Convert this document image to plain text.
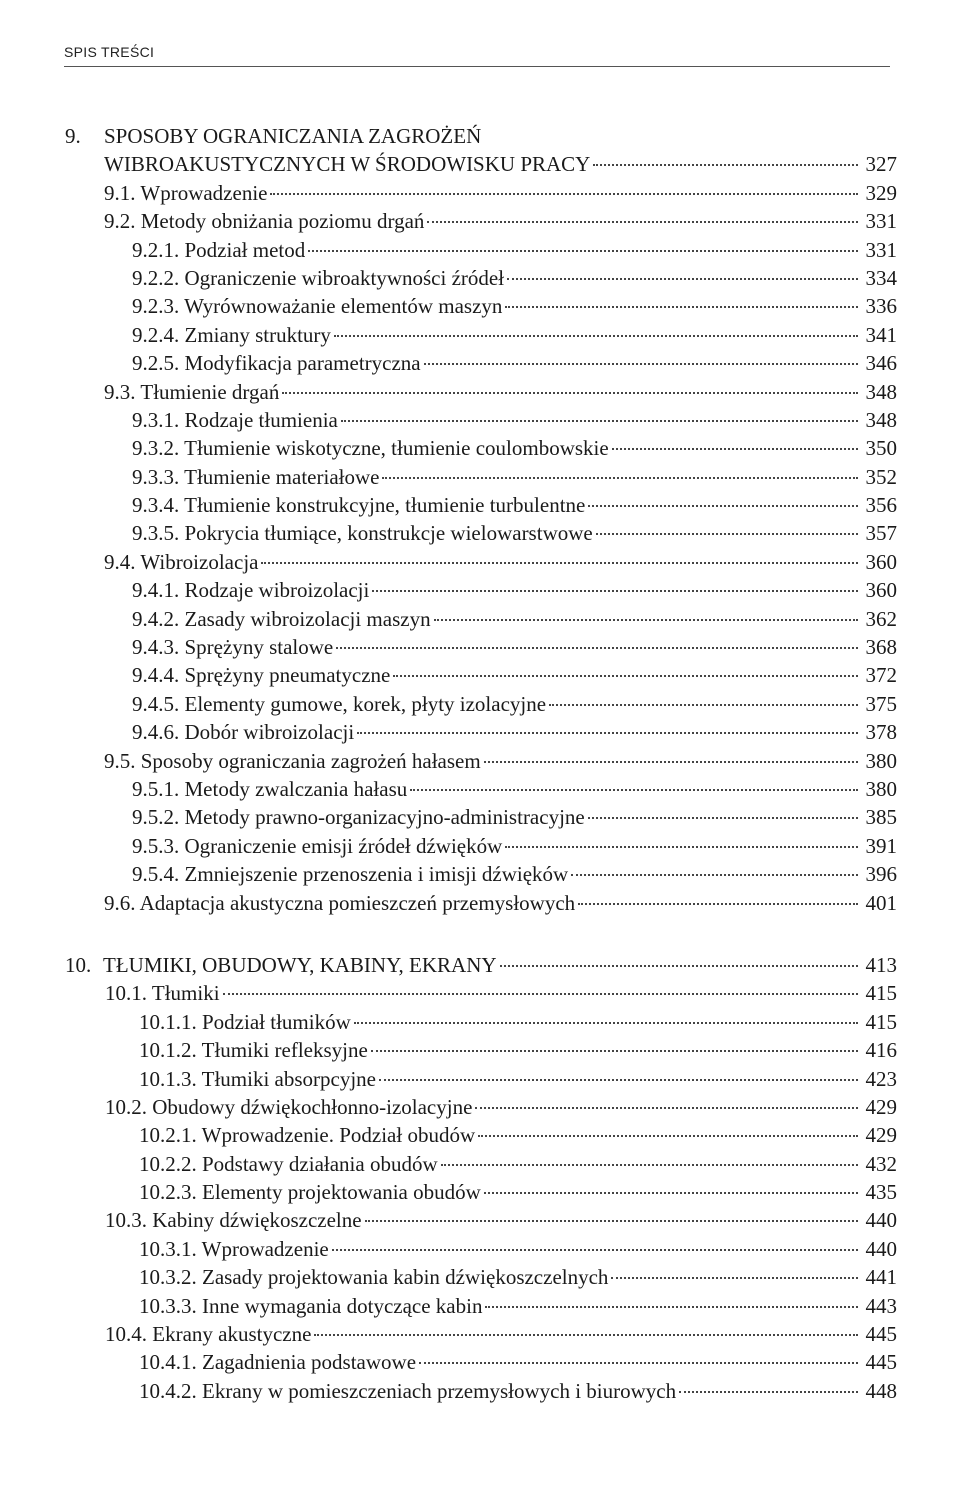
SPIS TREŚCI
9.	SPOSOBY OGRANICZANIA ZAGROŻEŃ
WIBROAKUSTYCZNYCH W ŚRODOWISKU PRACY	327
9.1. Wprowadzenie	329
9.2. Metody obniżania poziomu drgań	331
9.2.1. Podział metod	331
9.2.2. Ograniczenie wibroaktywności źródeł	334
9.2.3. Wyrównoważanie elementów maszyn	336
9.2.4. Zmiany struktury	341
9.2.5. Modyfikacja parametryczna	346
9.3. Tłumienie drgań	348
9.3.1. Rodzaje tłumienia	348
9.3.2. Tłumienie wiskotyczne, tłumienie coulombowskie	350
9.3.3. Tłumienie materiałowe	352
9.3.4. Tłumienie konstrukcyjne, tłumienie turbulentne	356
9.3.5. Pokrycia tłumiące, konstrukcje wielowarstwowe	357
9.4. Wibroizolacja	360
9.4.1. Rodzaje wibroizolacji	360
9.4.2. Zasady wibroizolacji maszyn	362
9.4.3. Sprężyny stalowe	368
9.4.4. Sprężyny pneumatyczne	372
9.4.5. Elementy gumowe, korek, płyty izolacyjne	375
9.4.6. Dobór wibroizolacji	378
9.5. Sposoby ograniczania zagrożeń hałasem	380
9.5.1. Metody zwalczania hałasu	380
9.5.2. Metody prawno-organizacyjno-administracyjne	385
9.5.3. Ograniczenie emisji źródeł dźwięków	391
9.5.4. Zmniejszenie przenoszenia i imisji dźwięków	396
9.6. Adaptacja akustyczna pomieszczeń przemysłowych	401
10. TŁUMIKI, OBUDOWY, KABINY, EKRANY	413
10.1. Tłumiki	415
10.1.1. Podział tłumików	415
10.1.2. Tłumiki refleksyjne	416
10.1.3. Tłumiki absorpcyjne	423
10.2. Obudowy dźwiękochłonno-izolacyjne	429
10.2.1. Wprowadzenie. Podział obudów	429
10.2.2. Podstawy działania obudów	432
10.2.3. Elementy projektowania obudów	435
10.3. Kabiny dźwiękoszczelne	440
10.3.1. Wprowadzenie	440
10.3.2. Zasady projektowania kabin dźwiękoszczelnych	441
10.3.3. Inne wymagania dotyczące kabin	443
10.4. Ekrany akustyczne	445
10.4.1. Zagadnienia podstawowe	445
10.4.2. Ekrany w pomieszczeniach przemysłowych i biurowych	448
